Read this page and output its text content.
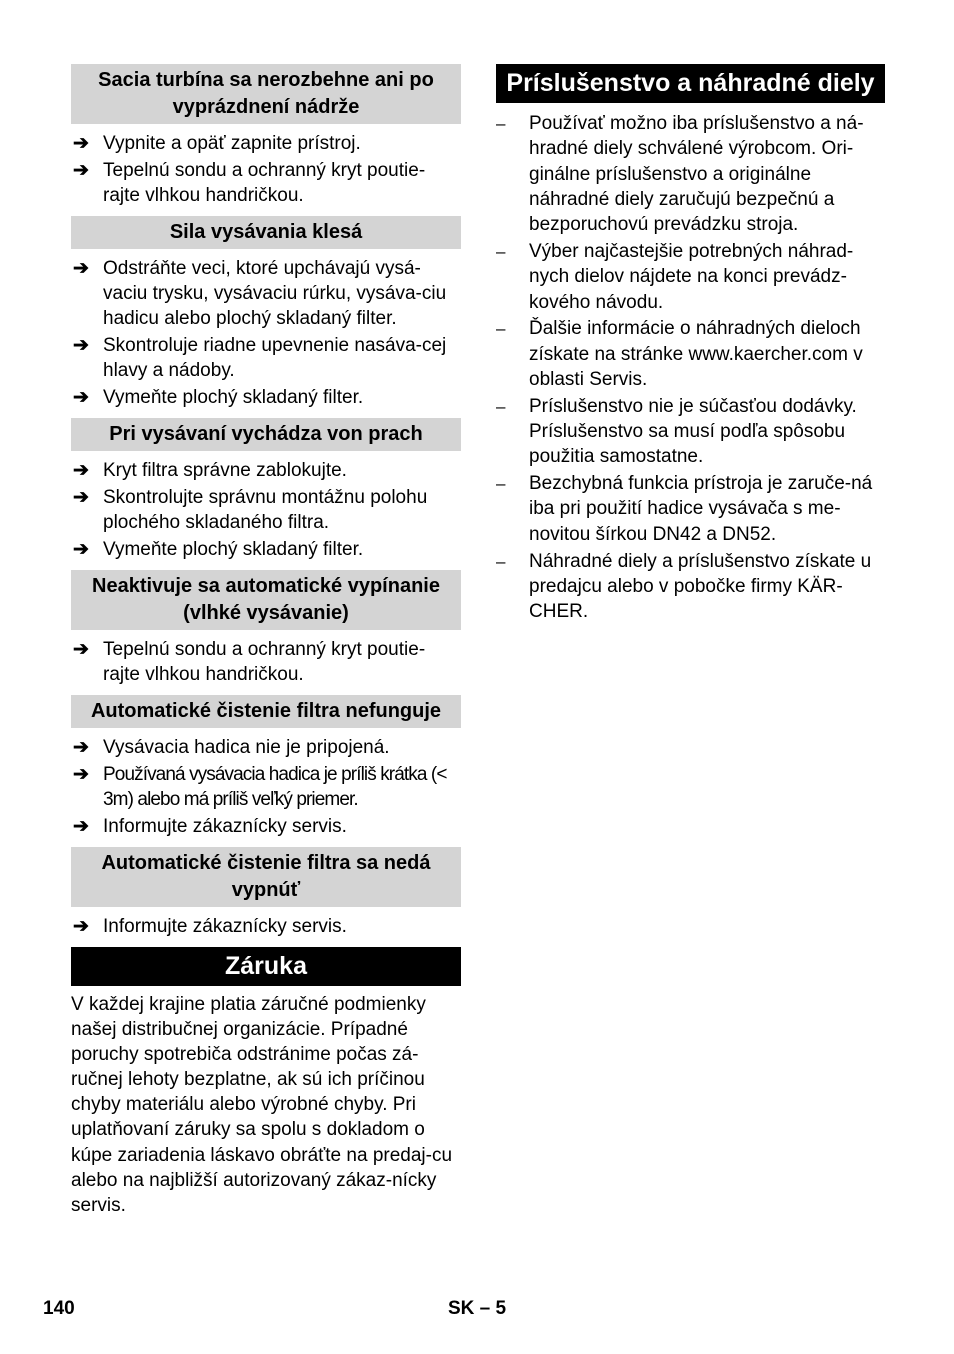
Sacia turbína sa nerozbehne ani po vyprázdnení nádrže
➔ Vypnite a opäť zapnite prístroj.
➔ Tepelnú sondu a ochranný kryt poutie-rajte vlhkou handričkou.
Sila vysávania klesá
➔ Odstráňte veci, ktoré upchávajú vysá-vaciu trysku, vysávaciu rúrku, vysáva-ciu hadicu alebo plochý skladaný filter.
➔ Skontroluje riadne upevnenie nasáva-cej hlavy a nádoby.
➔ Vymeňte plochý skladaný filter.
Pri vysávaní vychádza von prach
➔ Kryt filtra správne zablokujte.
➔ Skontrolujte správnu montážnu polohu plochého skladaného filtra.
➔ Vymeňte plochý skladaný filter.
Neaktivuje sa automatické vypínanie (vlhké vysávanie)
➔ Tepelnú sondu a ochranný kryt poutie-rajte vlhkou handričkou.
Automatické čistenie filtra nefunguje
➔ Vysávacia hadica nie je pripojená.
➔ Používaná vysávacia hadica je príliš krátka (< 3m) alebo má príliš veľký priemer.
➔ Informujte zákaznícky servis.
Automatické čistenie filtra sa nedá vypnúť
➔ Informujte zákaznícky servis.
Záruka

V každej krajine platia záručné podmienky našej distribučnej organizácie. Prípadné poruchy spotrebiča odstránime počas zá-ručnej lehoty bezplatne, ak sú ich príčinou chyby materiálu alebo výrobné chyby. Pri uplatňovaní záruky sa spolu s dokladom o kúpe zariadenia láskavo obráťte na predaj-cu alebo na najbližší autorizovaný zákaz-nícky servis.

Príslušenstvo a náhradné diely
– Používať možno iba príslušenstvo a ná-hradné diely schválené výrobcom. Ori-ginálne príslušenstvo a originálne náhradné diely zaručujú bezpečnú a bezporuchovú prevádzku stroja.
– Výber najčastejšie potrebných náhrad-nych dielov nájdete na konci prevádz-kového návodu.
– Ďalšie informácie o náhradných dieloch získate na stránke www.kaercher.com v oblasti Servis.
– Príslušenstvo nie je súčasťou dodávky. Príslušenstvo sa musí podľa spôsobu použitia samostatne.
– Bezchybná funkcia prístroja je zaruče-ná iba pri použití hadice vysávača s me-novitou šírkou DN42 a DN52.
– Náhradné diely a príslušenstvo získate u predajcu alebo v pobočke firmy KÄR-CHER.
140	SK – 5
